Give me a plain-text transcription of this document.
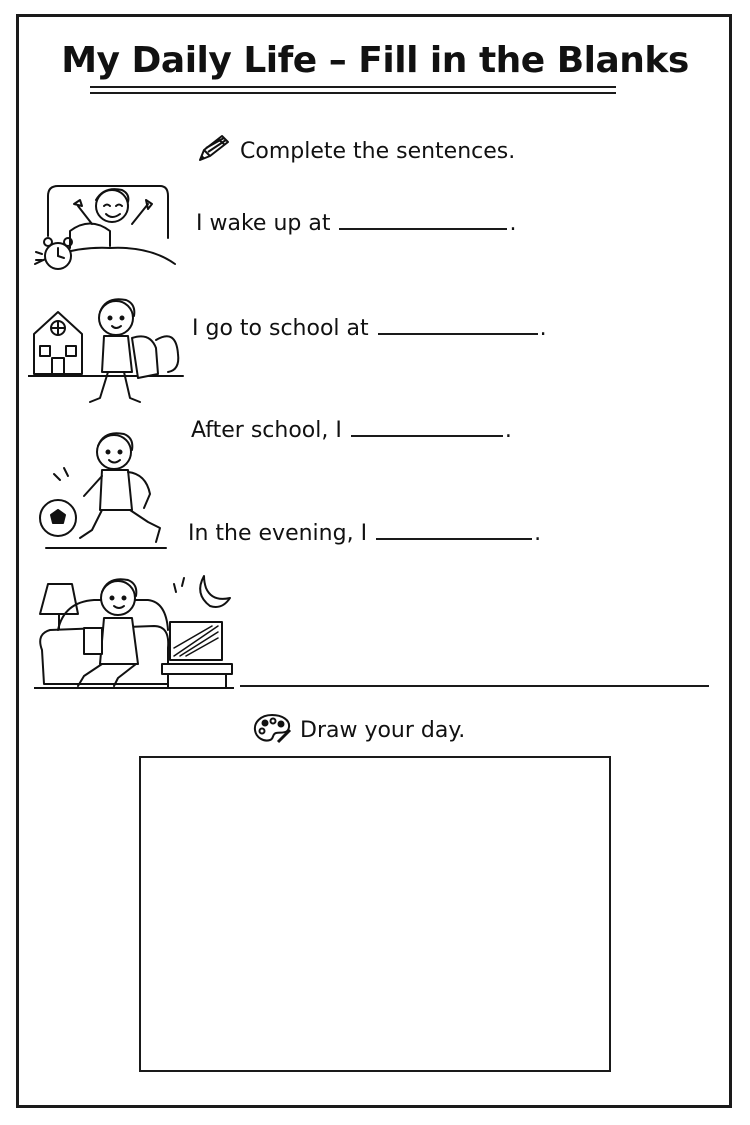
My Daily Life – Fill in the Blanks
Complete the sentences.
I wake up at	.
I go to school at	.
After school, I	.
In the evening, I	.
Draw your day.
